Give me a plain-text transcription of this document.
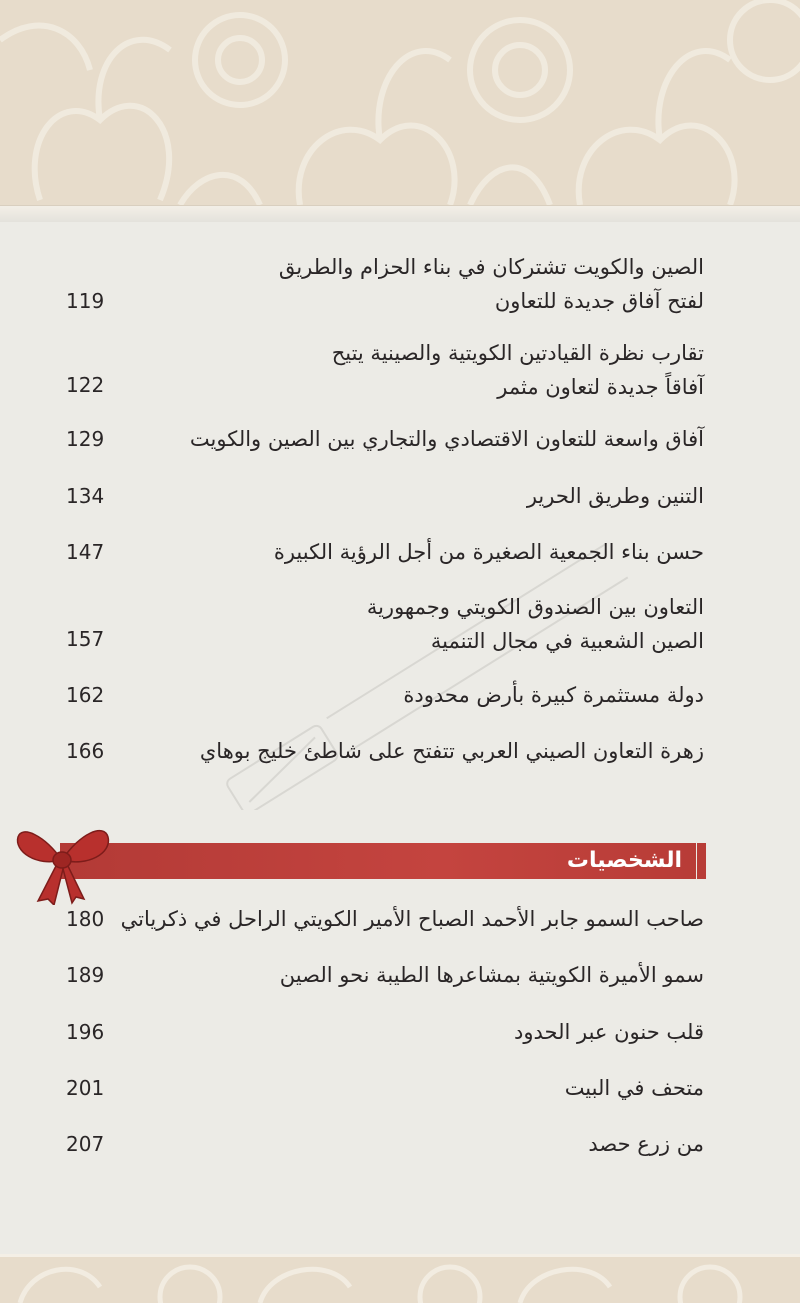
الصين والكويت تشتركان في بناء الحزام والطريق
لفتح آفاق جديدة للتعاون
119
تقارب نظرة القيادتين الكويتية والصينية يتيح
آفاقاً جديدة لتعاون مثمر
122
آفاق واسعة للتعاون الاقتصادي والتجاري بين الصين والكويت
129
التنين وطريق الحرير
134
حسن بناء الجمعية الصغيرة من أجل الرؤية الكبيرة
147
التعاون بين الصندوق الكويتي وجمهورية
الصين الشعبية في مجال التنمية
157
دولة مستثمرة كبيرة بأرض محدودة
162
زهرة التعاون الصيني العربي تتفتح على شاطئ خليج بوهاي
166
الشخصيات
صاحب السمو جابر الأحمد الصباح الأمير الكويتي الراحل في ذكرياتي
180
سمو الأميرة الكويتية بمشاعرها الطيبة نحو الصين
189
قلب حنون عبر الحدود
196
متحف في البيت
201
من زرع حصد
207
